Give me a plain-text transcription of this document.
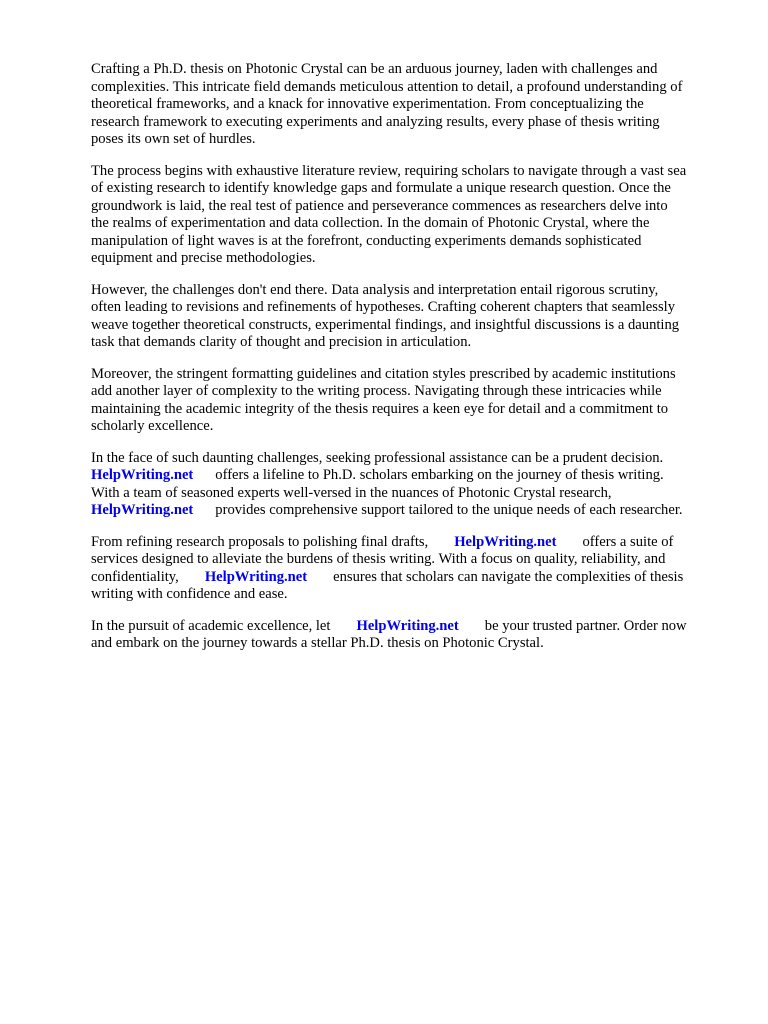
Crafting a Ph.D. thesis on Photonic Crystal can be an arduous journey, laden with challenges and
complexities. This intricate field demands meticulous attention to detail, a profound understanding of
theoretical frameworks, and a knack for innovative experimentation. From conceptualizing the
research framework to executing experiments and analyzing results, every phase of thesis writing
poses its own set of hurdles.

The process begins with exhaustive literature review, requiring scholars to navigate through a vast sea
of existing research to identify knowledge gaps and formulate a unique research question. Once the
groundwork is laid, the real test of patience and perseverance commences as researchers delve into
the realms of experimentation and data collection. In the domain of Photonic Crystal, where the
manipulation of light waves is at the forefront, conducting experiments demands sophisticated
equipment and precise methodologies.

However, the challenges don't end there. Data analysis and interpretation entail rigorous scrutiny,
often leading to revisions and refinements of hypotheses. Crafting coherent chapters that seamlessly
weave together theoretical constructs, experimental findings, and insightful discussions is a daunting
task that demands clarity of thought and precision in articulation.

Moreover, the stringent formatting guidelines and citation styles prescribed by academic institutions
add another layer of complexity to the writing process. Navigating through these intricacies while
maintaining the academic integrity of the thesis requires a keen eye for detail and a commitment to
scholarly excellence.

In the face of such daunting challenges, seeking professional assistance can be a prudent decision.
HelpWriting.net offers a lifeline to Ph.D. scholars embarking on the journey of thesis writing.
With a team of seasoned experts well-versed in the nuances of Photonic Crystal research,
HelpWriting.net provides comprehensive support tailored to the unique needs of each researcher.

From refining research proposals to polishing final drafts, HelpWriting.net offers a suite of
services designed to alleviate the burdens of thesis writing. With a focus on quality, reliability, and
confidentiality, HelpWriting.net ensures that scholars can navigate the complexities of thesis
writing with confidence and ease.

In the pursuit of academic excellence, let HelpWriting.net be your trusted partner. Order now
and embark on the journey towards a stellar Ph.D. thesis on Photonic Crystal.
